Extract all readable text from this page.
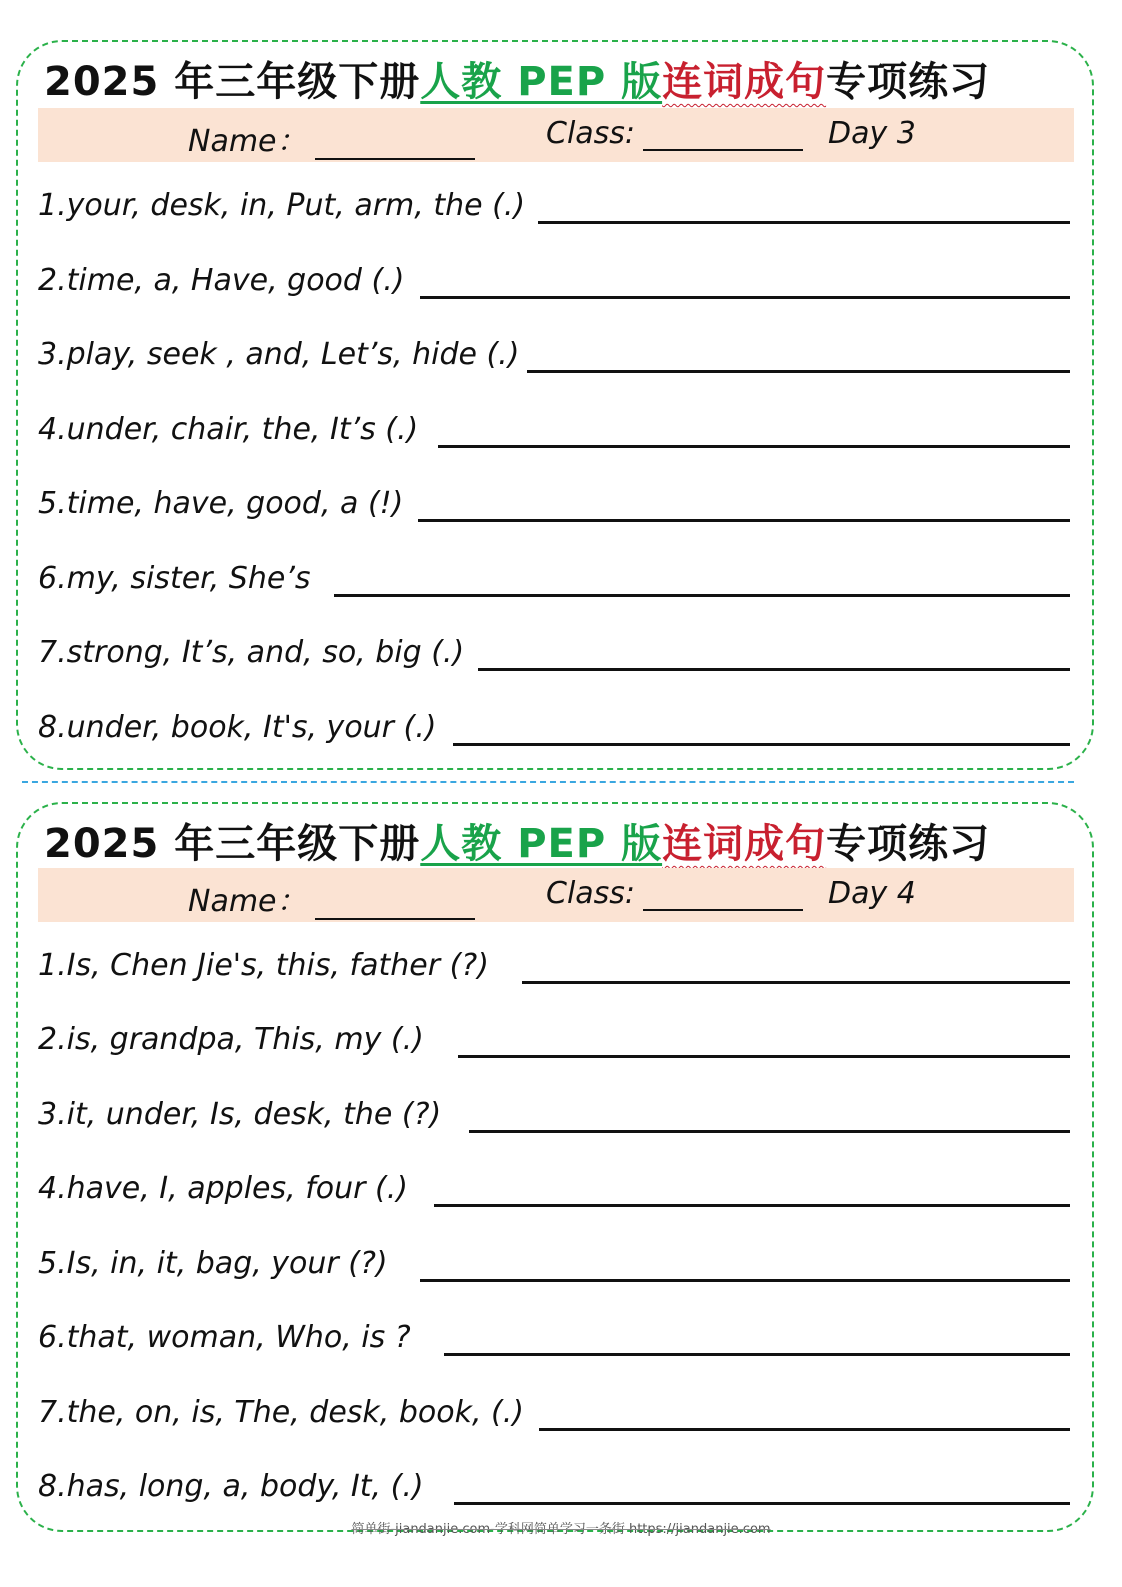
2025 年三年级下册人教 PEP 版连词成句专项练习
Name：	Class:	Day 3
1.your, desk, in, Put, arm, the (.)
2.time, a, Have, good (.)
3.play, seek , and, Let’s, hide (.)
4.under, chair, the, It’s (.)
5.time, have, good, a (!)
6.my, sister, She’s
7.strong, It’s, and, so, big (.)
8.under, book, It's, your (.)
2025 年三年级下册人教 PEP 版连词成句专项练习
Name：	Class:	Day 4
1.Is, Chen Jie's, this, father (?)
2.is, grandpa, This, my (.)
3.it, under, Is, desk, the (?)
4.have, I, apples, four (.)
5.Is, in, it, bag, your (?)
6.that, woman, Who, is ?
7.the, on, is, The, desk, book, (.)
8.has, long, a, body, It, (.)
简单街-jiandanjie.com-学科网简单学习一条街 https://jiandanjie.com
